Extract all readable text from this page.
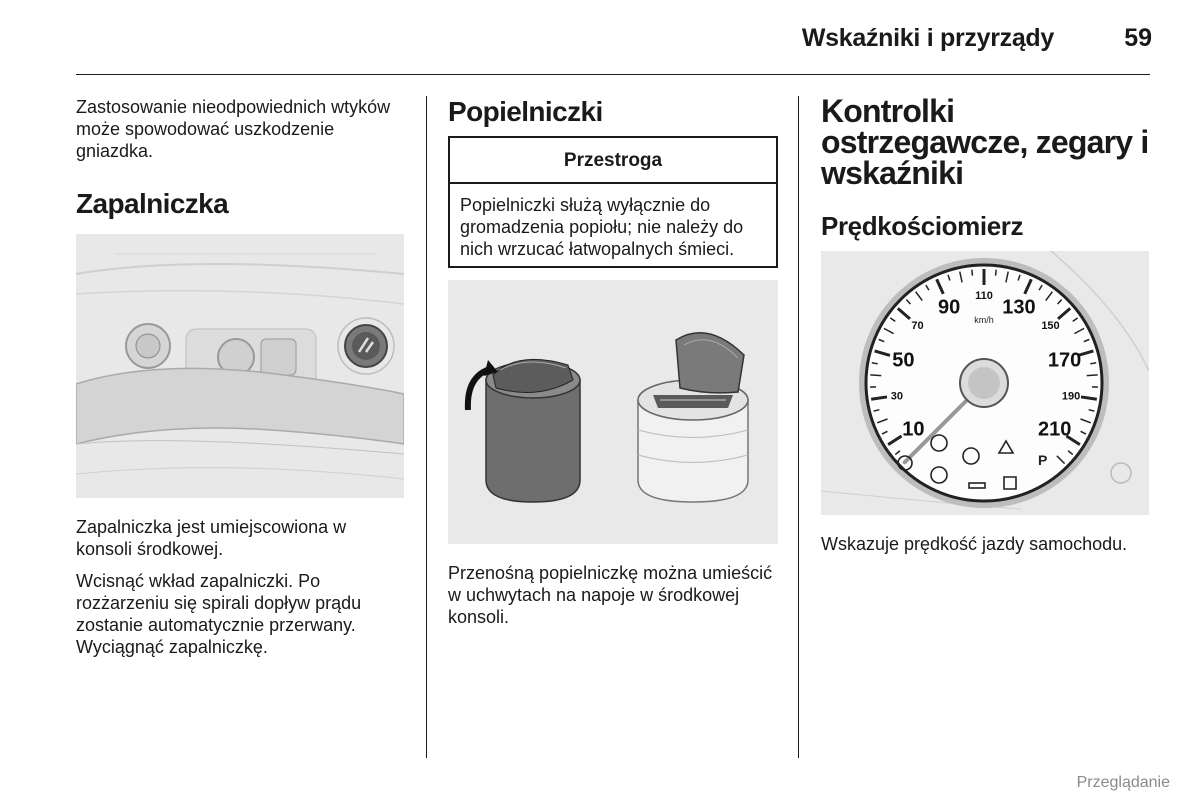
Wskaźniki i przyrządy	59

Zastosowanie nieodpowiednich wtyków może spowodować uszkodzenie gniazdka.

Zapalniczka

Zapalniczka jest umiejscowiona w konsoli środkowej.

Wcisnąć wkład zapalniczki. Po rozżarzeniu się spirali dopływ prądu zostanie automatycznie przerwany. Wyciągnąć zapalniczkę.

Popielniczki
Przestroga

Popielniczki służą wyłącznie do gromadzenia popiołu; nie należy do nich wrzucać łatwopalnych śmieci.

Przenośną popielniczkę można umieścić w uchwytach na napoje w środkowej konsoli.

Kontrolki ostrzegawcze, zegary i wskaźniki
Prędkościomierz
10
50
90 130
170
210
30
70
110
150
190
km/h
P

Wskazuje prędkość jazdy samochodu.

Przeglądanie
